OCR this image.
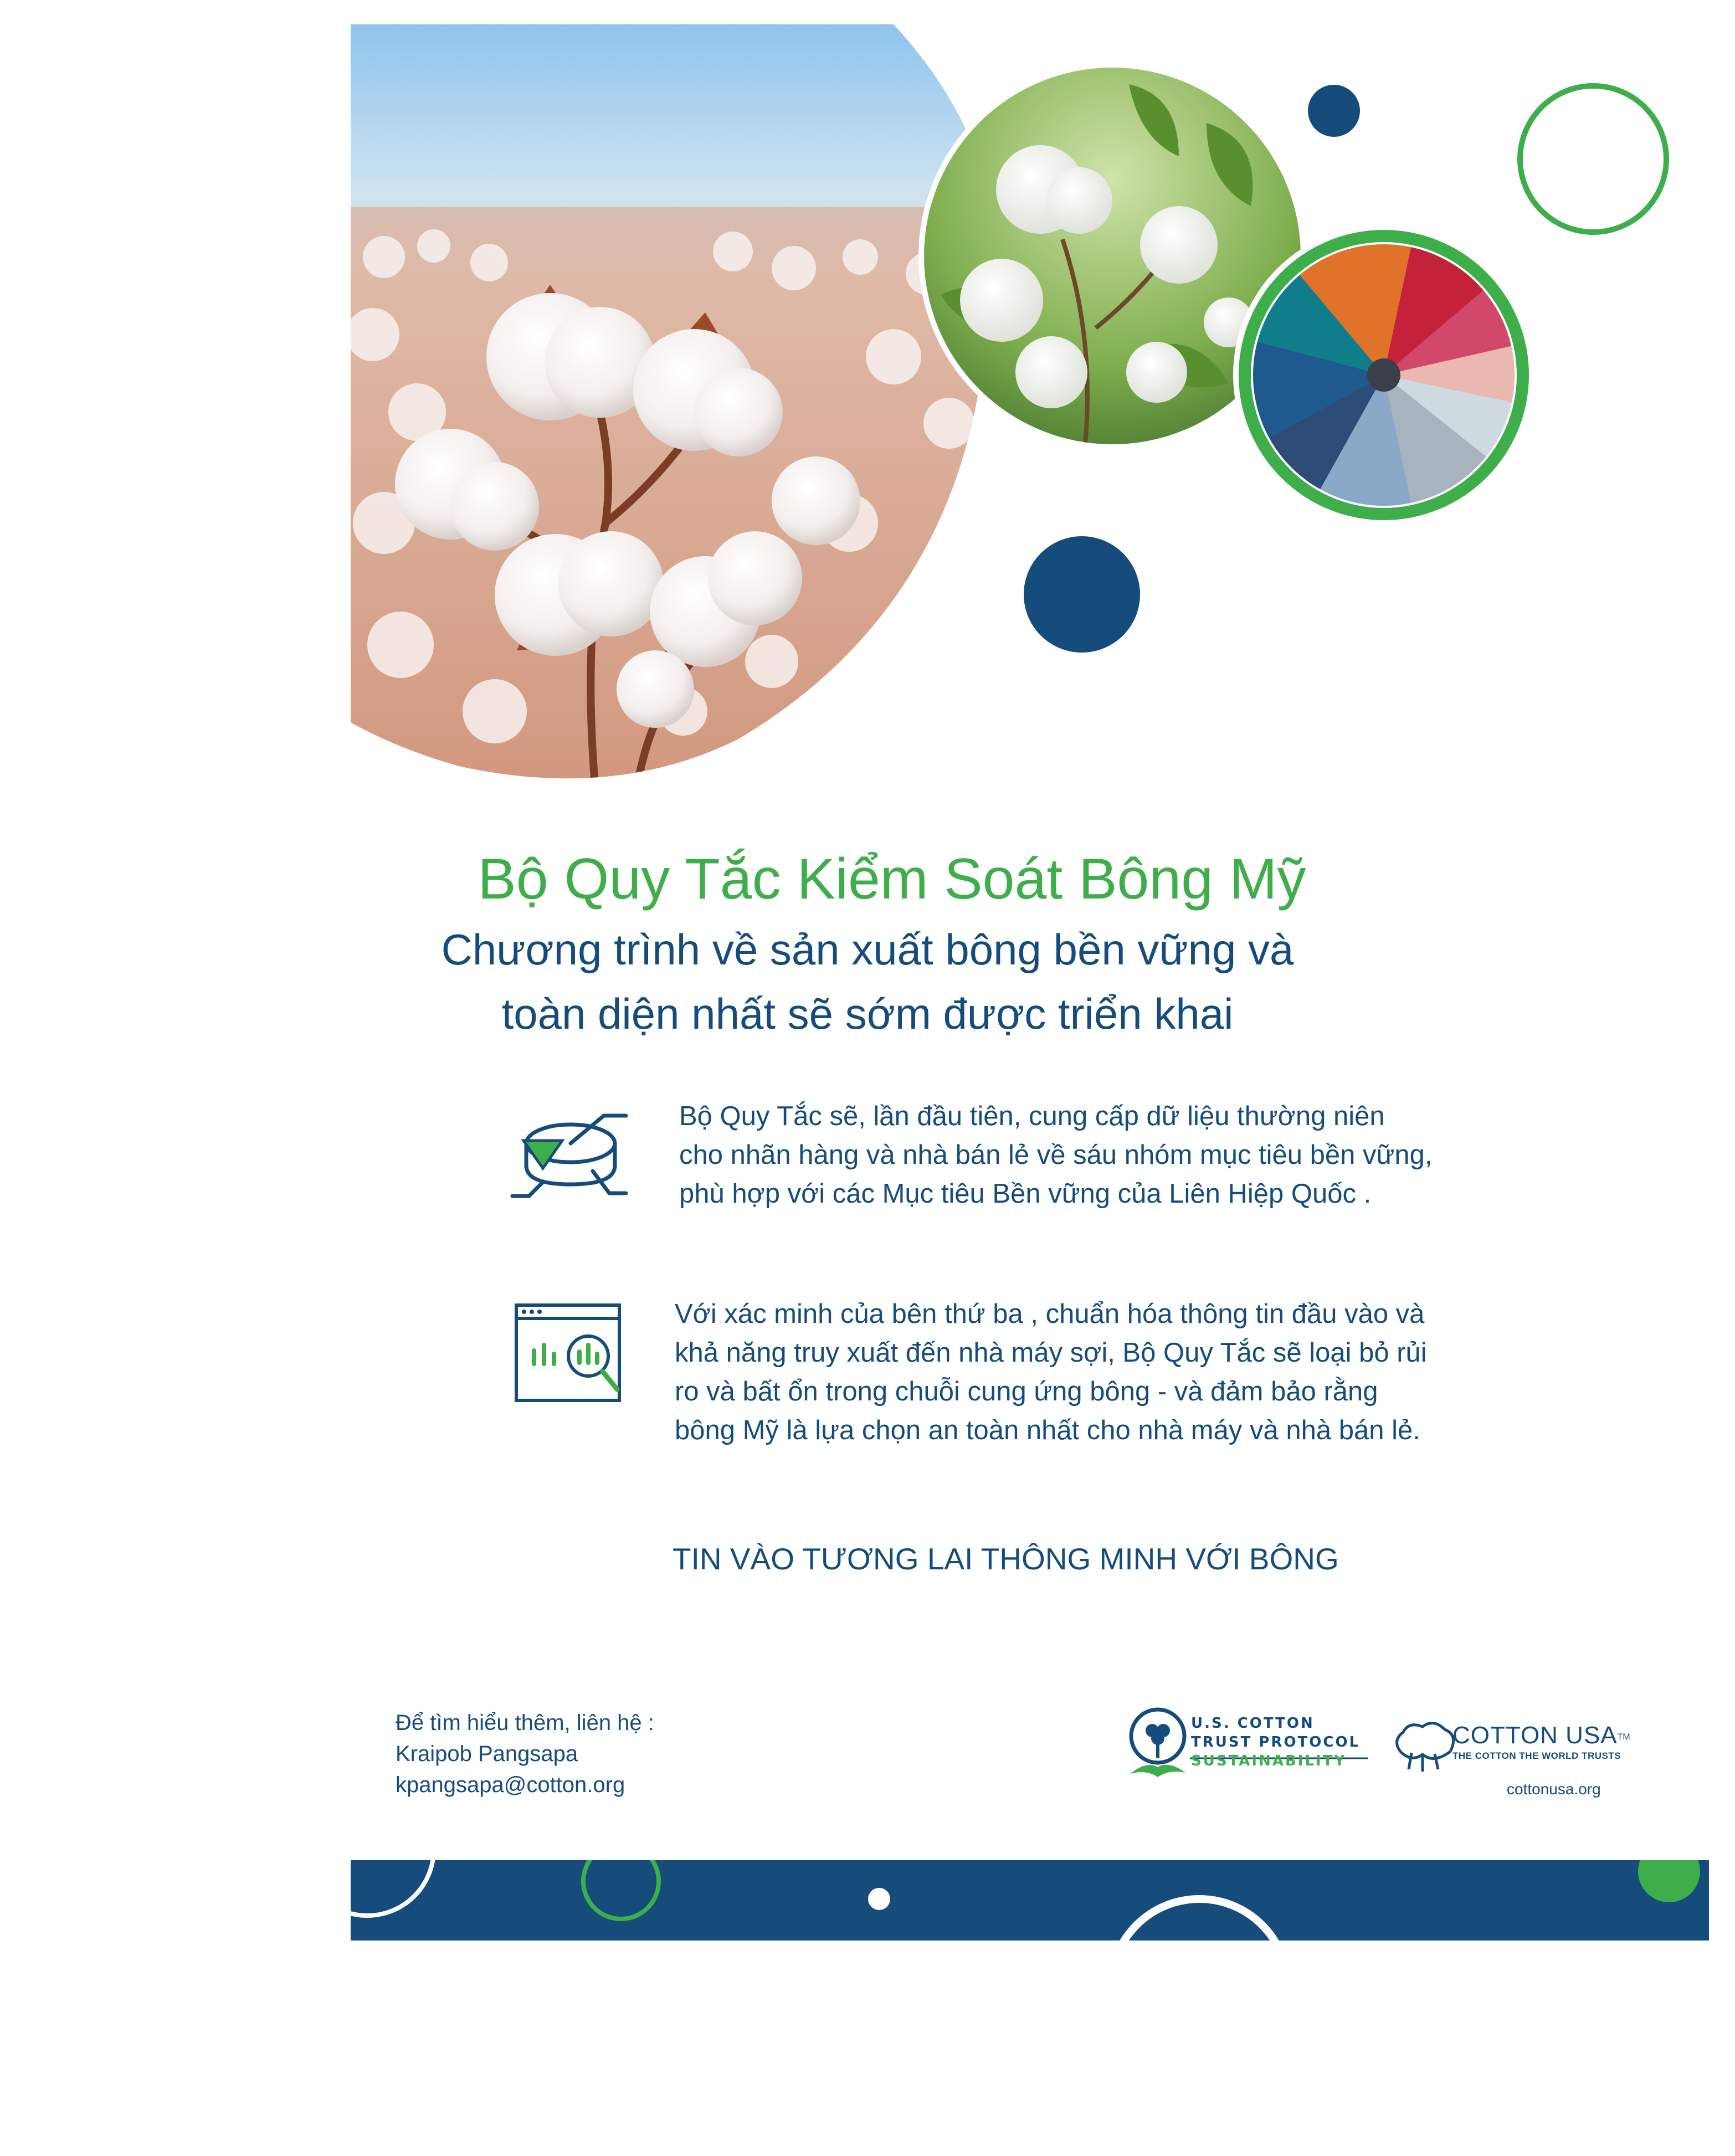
Bộ Quy Tắc Kiểm Soát Bông Mỹ
Chương trình về sản xuất bông bền vững và
toàn diện nhất sẽ sớm được triển khai
Bộ Quy Tắc sẽ, lần đầu tiên, cung cấp dữ liệu thường niên
cho nhãn hàng và nhà bán lẻ về sáu nhóm mục tiêu bền vững,
phù hợp với các Mục tiêu Bền vững của Liên Hiệp Quốc .
Với xác minh của bên thứ ba , chuẩn hóa thông tin đầu vào và
khả năng truy xuất đến nhà máy sợi, Bộ Quy Tắc sẽ loại bỏ rủi
ro và bất ổn trong chuỗi cung ứng bông - và đảm bảo rằng
bông Mỹ là lựa chọn an toàn nhất cho nhà máy và nhà bán lẻ.
TIN VÀO TƯƠNG LAI THÔNG MINH VỚI BÔNG
Để tìm hiểu thêm, liên hệ :
Kraipob Pangsapa
kpangsapa@cotton.org
U.S. COTTON
TRUST PROTOCOL
SUSTAINABILITY
COTTON USATM
THE COTTON THE WORLD TRUSTS
cottonusa.org
